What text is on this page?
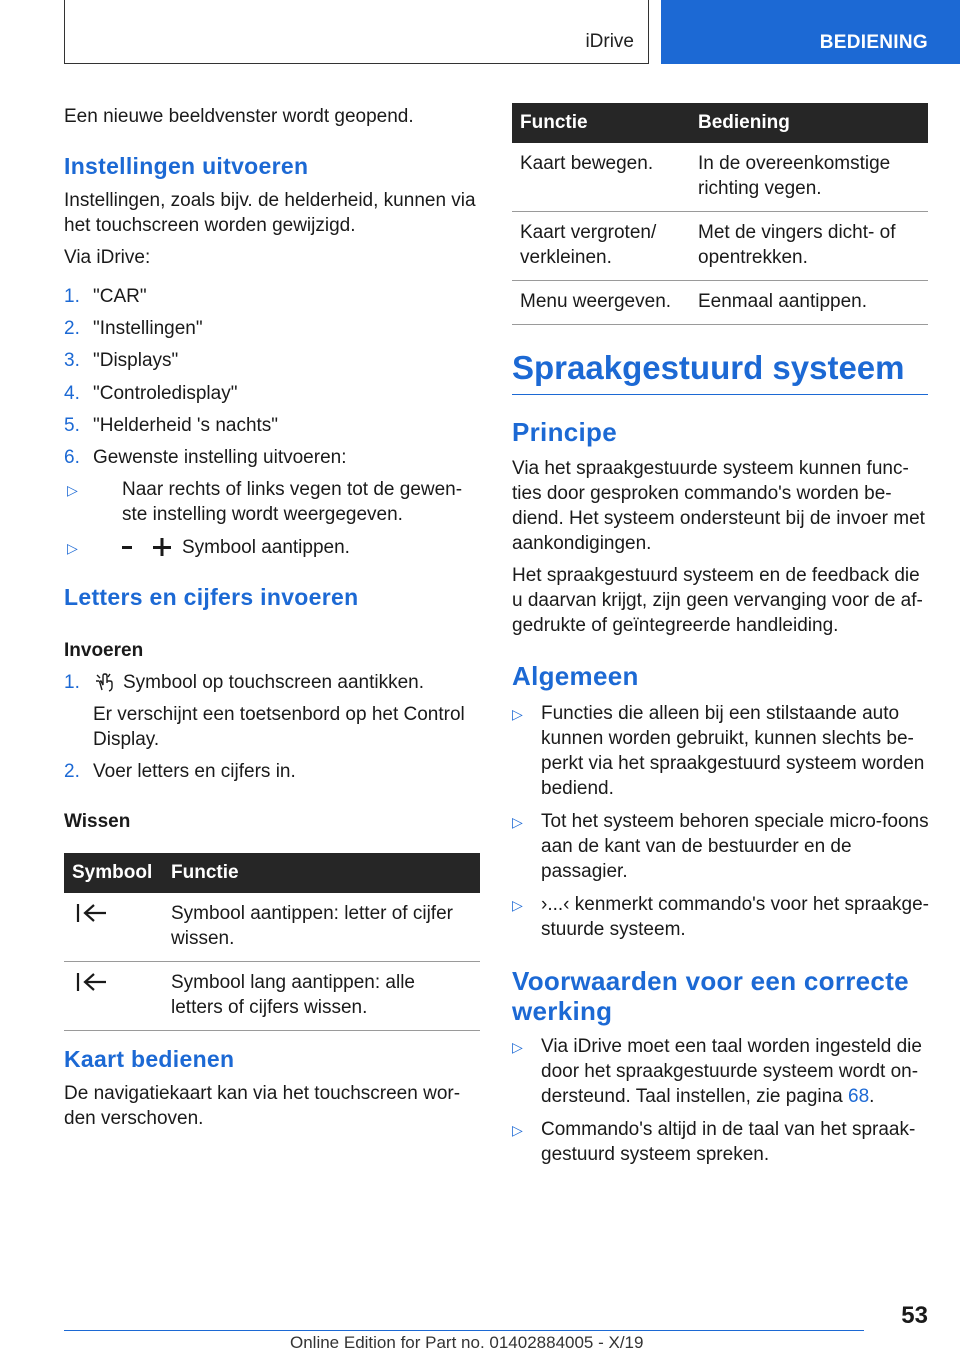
iDrive	BEDIENING

Een nieuwe beeldvenster wordt geopend.

Instellingen uitvoeren

Instellingen, zoals bijv. de helderheid, kunnen via het touchscreen worden gewijzigd.

Via iDrive:

1. "CAR"
2. "Instellingen"
3. "Displays"
4. "Controledisplay"
5. "Helderheid 's nachts"
6. Gewenste instelling uitvoeren:
▷ Naar rechts of links vegen tot de gewen-ste instelling wordt weergegeven.
▷	Symbool aantippen.

Letters en cijfers invoeren

Invoeren

1. Symbool op touchscreen aantikken.

Er verschijnt een toetsenbord op het Control Display.

2. Voer letters en cijfers in.

Wissen

Symbool	Functie
	Symbool aantippen: letter of cijfer wissen.
	Symbool lang aantippen: alle letters of cijfers wissen.

Kaart bedienen

De navigatiekaart kan via het touchscreen wor-den verschoven.

Functie	Bediening
Kaart bewegen.	In de overeenkomstige richting vegen.
Kaart vergroten/ verkleinen.	Met de vingers dicht- of opentrekken.
Menu weergeven.	Eenmaal aantippen.

Spraakgestuurd systeem

Principe

Via het spraakgestuurde systeem kunnen func-ties door gesproken commando's worden be-diend. Het systeem ondersteunt bij de invoer met aankondigingen.

Het spraakgestuurd systeem en de feedback die u daarvan krijgt, zijn geen vervanging voor de af-gedrukte of geïntegreerde handleiding.

Algemeen

▷ Functies die alleen bij een stilstaande auto kunnen worden gebruikt, kunnen slechts be-perkt via het spraakgestuurd systeem worden bediend.
▷ Tot het systeem behoren speciale micro-foons aan de kant van de bestuurder en de passagier.
▷ ›...‹ kenmerkt commando's voor het spraakge-stuurde systeem.

Voorwaarden voor een correcte werking

▷ Via iDrive moet een taal worden ingesteld die door het spraakgestuurde systeem wordt on-dersteund. Taal instellen, zie pagina 68.
▷ Commando's altijd in de taal van het spraak-gestuurd systeem spreken.
53
Online Edition for Part no. 01402884005 - X/19
